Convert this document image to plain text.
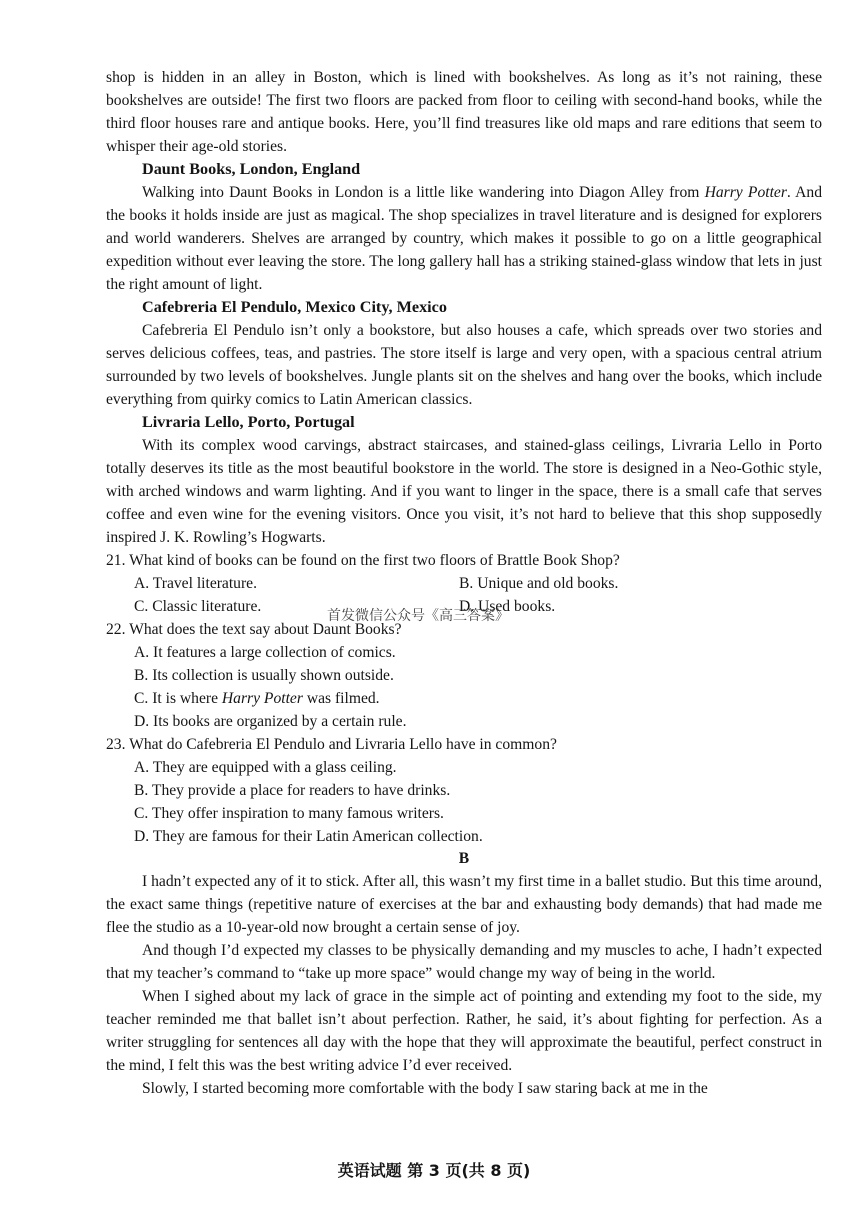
shop is hidden in an alley in Boston, which is lined with bookshelves. As long as it’s not raining, these bookshelves are outside! The first two floors are packed from floor to ceiling with second-hand books, while the third floor houses rare and antique books. Here, you’ll find treasures like old maps and rare editions that seem to whisper their age-old stories.

Daunt Books, London, England

Walking into Daunt Books in London is a little like wandering into Diagon Alley from Harry Potter. And the books it holds inside are just as magical. The shop specializes in travel literature and is designed for explorers and world wanderers. Shelves are arranged by country, which makes it possible to go on a little geographical expedition without ever leaving the store. The long gallery hall has a striking stained-glass window that lets in just the right amount of light.

Cafebreria El Pendulo, Mexico City, Mexico

Cafebreria El Pendulo isn’t only a bookstore, but also houses a cafe, which spreads over two stories and serves delicious coffees, teas, and pastries. The store itself is large and very open, with a spacious central atrium surrounded by two levels of bookshelves. Jungle plants sit on the shelves and hang over the books, which include everything from quirky comics to Latin American classics.

Livraria Lello, Porto, Portugal

With its complex wood carvings, abstract staircases, and stained-glass ceilings, Livraria Lello in Porto totally deserves its title as the most beautiful bookstore in the world. The store is designed in a Neo-Gothic style, with arched windows and warm lighting. And if you want to linger in the space, there is a small cafe that serves coffee and even wine for the evening visitors. Once you visit, it’s not hard to believe that this shop supposedly inspired J. K. Rowling’s Hogwarts.

21. What kind of books can be found on the first two floors of Brattle Book Shop?

A. Travel literature.	B. Unique and old books.
C. Classic literature.	D. Used books.

22. What does the text say about Daunt Books?

A. It features a large collection of comics.
B. Its collection is usually shown outside.
C. It is where Harry Potter was filmed.
D. Its books are organized by a certain rule.

23. What do Cafebreria El Pendulo and Livraria Lello have in common?

A. They are equipped with a glass ceiling.
B. They provide a place for readers to have drinks.
C. They offer inspiration to many famous writers.
D. They are famous for their Latin American collection.

B

I hadn’t expected any of it to stick. After all, this wasn’t my first time in a ballet studio. But this time around, the exact same things (repetitive nature of exercises at the bar and exhausting body demands) that had made me flee the studio as a 10-year-old now brought a certain sense of joy.

And though I’d expected my classes to be physically demanding and my muscles to ache, I hadn’t expected that my teacher’s command to “take up more space” would change my way of being in the world.

When I sighed about my lack of grace in the simple act of pointing and extending my foot to the side, my teacher reminded me that ballet isn’t about perfection. Rather, he said, it’s about fighting for perfection. As a writer struggling for sentences all day with the hope that they will approximate the beautiful, perfect construct in the mind, I felt this was the best writing advice I’d ever received.

Slowly, I started becoming more comfortable with the body I saw staring back at me in the

首发微信公众号《高三答案》
英语试题 第 3 页(共 8 页)
